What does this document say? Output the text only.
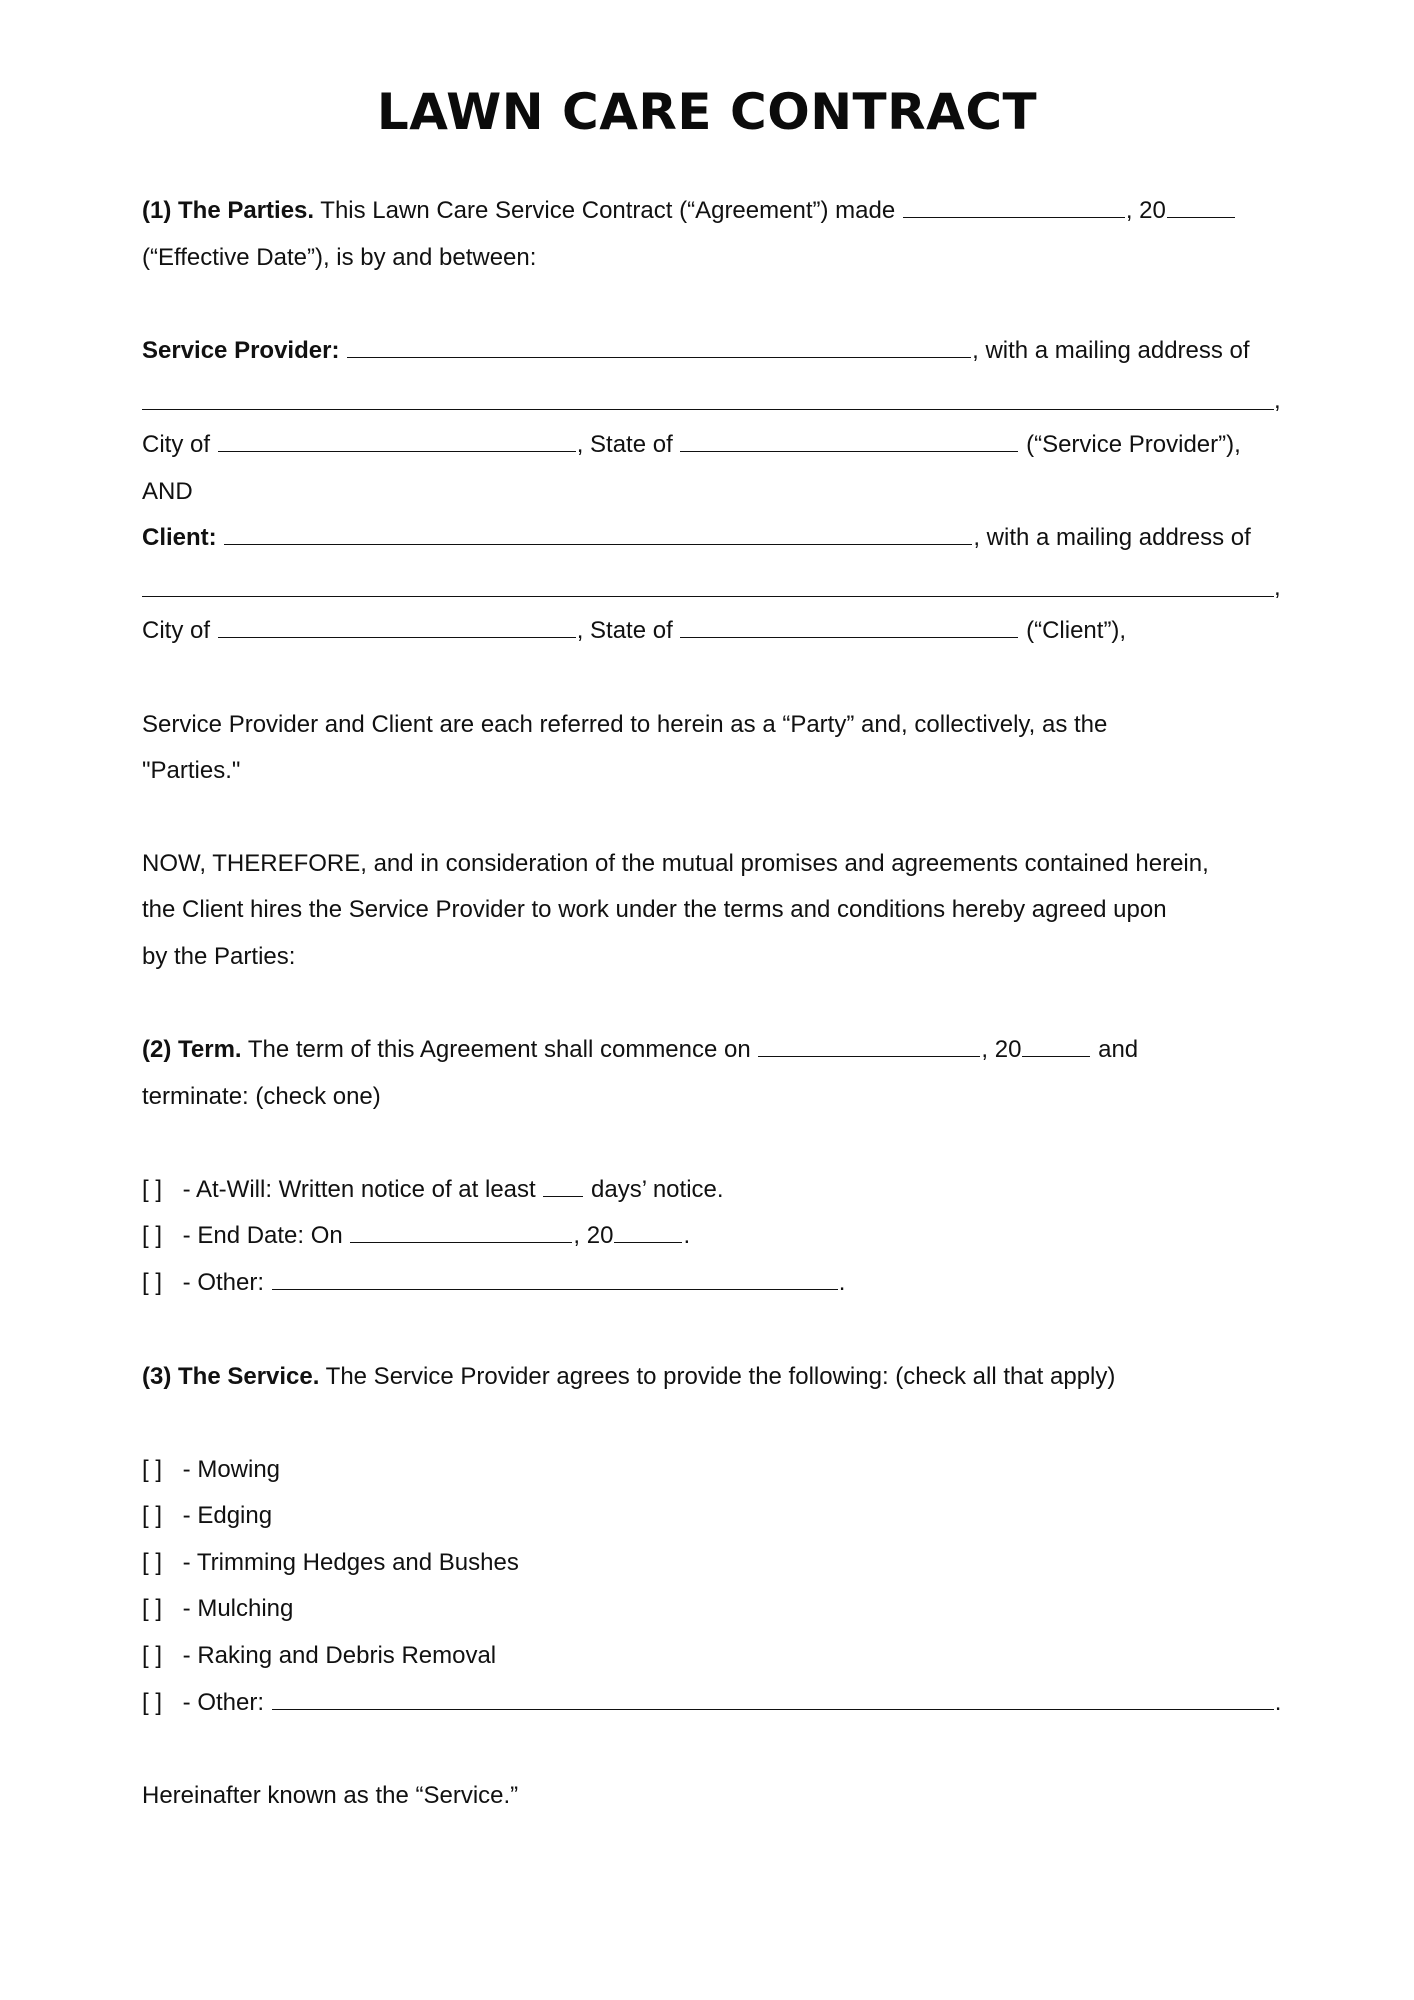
LAWN CARE CONTRACT
(1) The Parties. This Lawn Care Service Contract (“Agreement”) made	, 20
(“Effective Date”), is by and between:
Service Provider:	, with a mailing address of
,
City of	, State of	(“Service Provider”),
AND
Client:	, with a mailing address of
,
City of	, State of	(“Client”),
Service Provider and Client are each referred to herein as a “Party” and, collectively, as the
"Parties."
NOW, THEREFORE, and in consideration of the mutual promises and agreements contained herein,
the Client hires the Service Provider to work under the terms and conditions hereby agreed upon
by the Parties:
(2) Term. The term of this Agreement shall commence on	, 20	and
terminate: (check one)
[ ] - At-Will: Written notice of at least days’ notice.
[ ] - End Date: On	, 20	.
[ ] - Other:	.
(3) The Service. The Service Provider agrees to provide the following: (check all that apply)
[ ] - Mowing
[ ] - Edging
[ ] - Trimming Hedges and Bushes
[ ] - Mulching
[ ] - Raking and Debris Removal
[ ] - Other:	.
Hereinafter known as the “Service.”
